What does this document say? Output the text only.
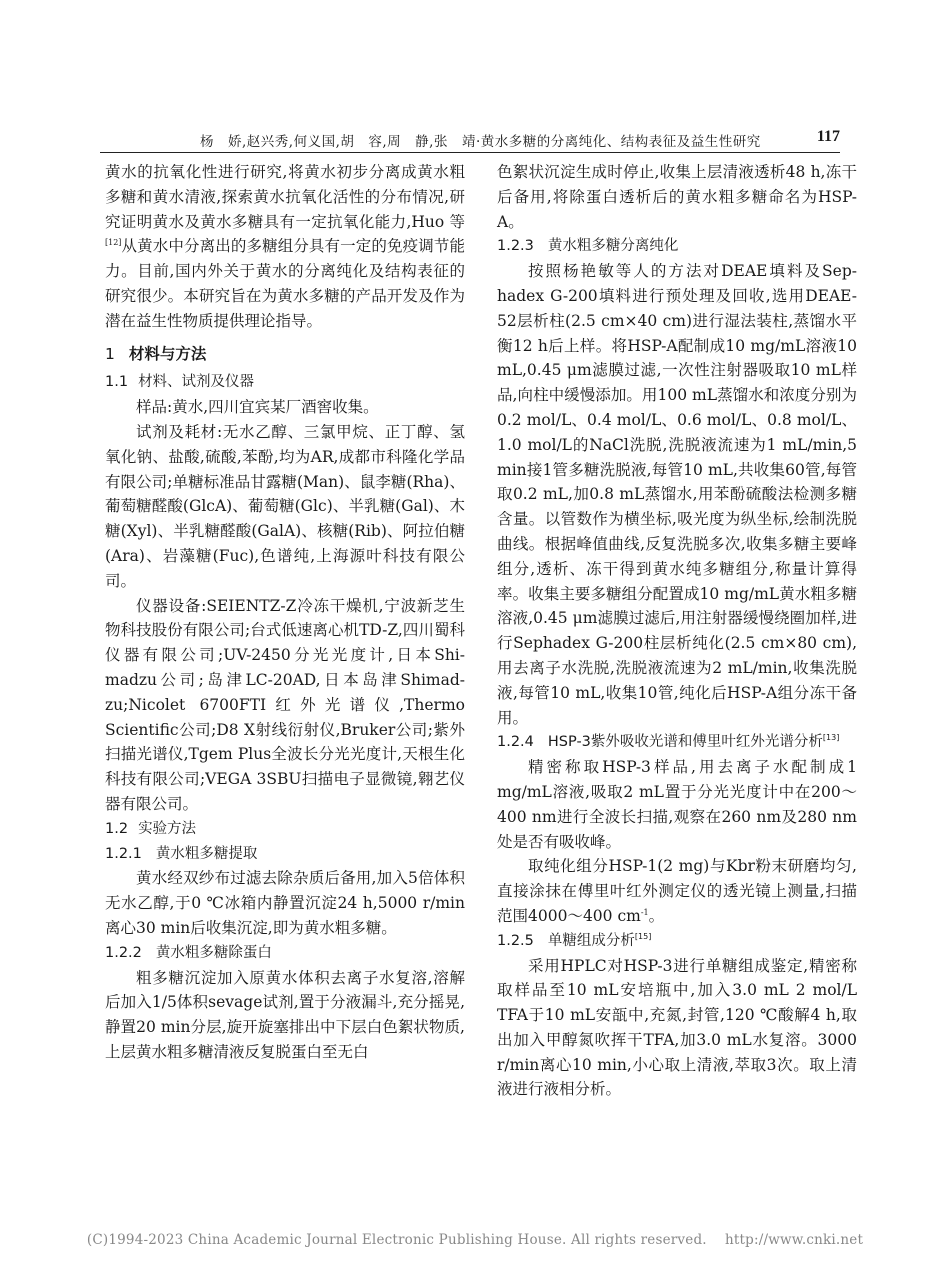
杨　娇,赵兴秀,何义国,胡　容,周　静,张　靖·黄水多糖的分离纯化、结构表征及益生性研究	117

黄水的抗氧化性进行研究,将黄水初步分离成黄水粗多糖和黄水清液,探索黄水抗氧化活性的分布情况,研究证明黄水及黄水多糖具有一定抗氧化能力,Huo 等[12]从黄水中分离出的多糖组分具有一定的免疫调节能力。目前,国内外关于黄水的分离纯化及结构表征的研究很少。本研究旨在为黄水多糖的产品开发及作为潜在益生性物质提供理论指导。

1 材料与方法
1.1 材料、试剂及仪器

样品:黄水,四川宜宾某厂酒窖收集。

试剂及耗材:无水乙醇、三氯甲烷、正丁醇、氢氧化钠、盐酸,硫酸,苯酚,均为AR,成都市科隆化学品有限公司;单糖标准品甘露糖(Man)、鼠李糖(Rha)、葡萄糖醛酸(GlcA)、葡萄糖(Glc)、半乳糖(Gal)、木糖(Xyl)、半乳糖醛酸(GalA)、核糖(Rib)、阿拉伯糖(Ara)、岩藻糖(Fuc),色谱纯,上海源叶科技有限公司。

仪器设备:SEIENTZ-Z冷冻干燥机,宁波新芝生物科技股份有限公司;台式低速离心机TD-Z,四川蜀科仪器有限公司;UV-2450分光光度计,日本Shi-madzu公司;岛津LC-20AD,日本岛津Shimad-zu;Nicolet 6700FTI红外光谱仪,Thermo Scientific公司;D8 X射线衍射仪,Bruker公司;紫外扫描光谱仪,Tgem Plus全波长分光光度计,天根生化科技有限公司;VEGA 3SBU扫描电子显微镜,翱艺仪器有限公司。

1.2 实验方法
1.2.1 黄水粗多糖提取

黄水经双纱布过滤去除杂质后备用,加入5倍体积无水乙醇,于0 ℃冰箱内静置沉淀24 h,5000 r/min 离心30 min后收集沉淀,即为黄水粗多糖。

1.2.2 黄水粗多糖除蛋白

粗多糖沉淀加入原黄水体积去离子水复溶,溶解后加入1/5体积sevage试剂,置于分液漏斗,充分摇晃,静置20 min分层,旋开旋塞排出中下层白色絮状物质,上层黄水粗多糖清液反复脱蛋白至无白

色絮状沉淀生成时停止,收集上层清液透析48 h,冻干后备用,将除蛋白透析后的黄水粗多糖命名为HSP-A。

1.2.3 黄水粗多糖分离纯化

按照杨艳敏等人的方法对DEAE填料及Sep-hadex G-200填料进行预处理及回收,选用DEAE-52层析柱(2.5 cm×40 cm)进行湿法装柱,蒸馏水平衡12 h后上样。将HSP-A配制成10 mg/mL溶液10 mL,0.45 μm滤膜过滤,一次性注射器吸取10 mL样品,向柱中缓慢添加。用100 mL蒸馏水和浓度分别为0.2 mol/L、0.4 mol/L、0.6 mol/L、0.8 mol/L、1.0 mol/L的NaCl洗脱,洗脱液流速为1 mL/min,5 min接1管多糖洗脱液,每管10 mL,共收集60管,每管取0.2 mL,加0.8 mL蒸馏水,用苯酚硫酸法检测多糖含量。以管数作为横坐标,吸光度为纵坐标,绘制洗脱曲线。根据峰值曲线,反复洗脱多次,收集多糖主要峰组分,透析、冻干得到黄水纯多糖组分,称量计算得率。收集主要多糖组分配置成10 mg/mL黄水粗多糖溶液,0.45 μm滤膜过滤后,用注射器缓慢绕圈加样,进行Sephadex G-200柱层析纯化(2.5 cm×80 cm),用去离子水洗脱,洗脱液流速为2 mL/min,收集洗脱液,每管10 mL,收集10管,纯化后HSP-A组分冻干备用。

1.2.4 HSP-3紫外吸收光谱和傅里叶红外光谱分析[13]

精密称取HSP-3样品,用去离子水配制成1 mg/mL溶液,吸取2 mL置于分光光度计中在200～400 nm进行全波长扫描,观察在260 nm及280 nm处是否有吸收峰。

取纯化组分HSP-1(2 mg)与Kbr粉末研磨均匀,直接涂抹在傅里叶红外测定仪的透光镜上测量,扫描范围4000～400 $cm^{-1}$。

1.2.5 单糖组成分析[15]

采用HPLC对HSP-3进行单糖组成鉴定,精密称取样品至10 mL安培瓶中,加入3.0 mL 2 mol/L TFA于10 mL安瓿中,充氮,封管,120 ℃酸解4 h,取出加入甲醇氮吹挥干TFA,加3.0 mL水复溶。3000 r/min离心10 min,小心取上清液,萃取3次。取上清液进行液相分析。

(C)1994-2023 China Academic Journal Electronic Publishing House. All rights reserved.　 http://www.cnki.net
